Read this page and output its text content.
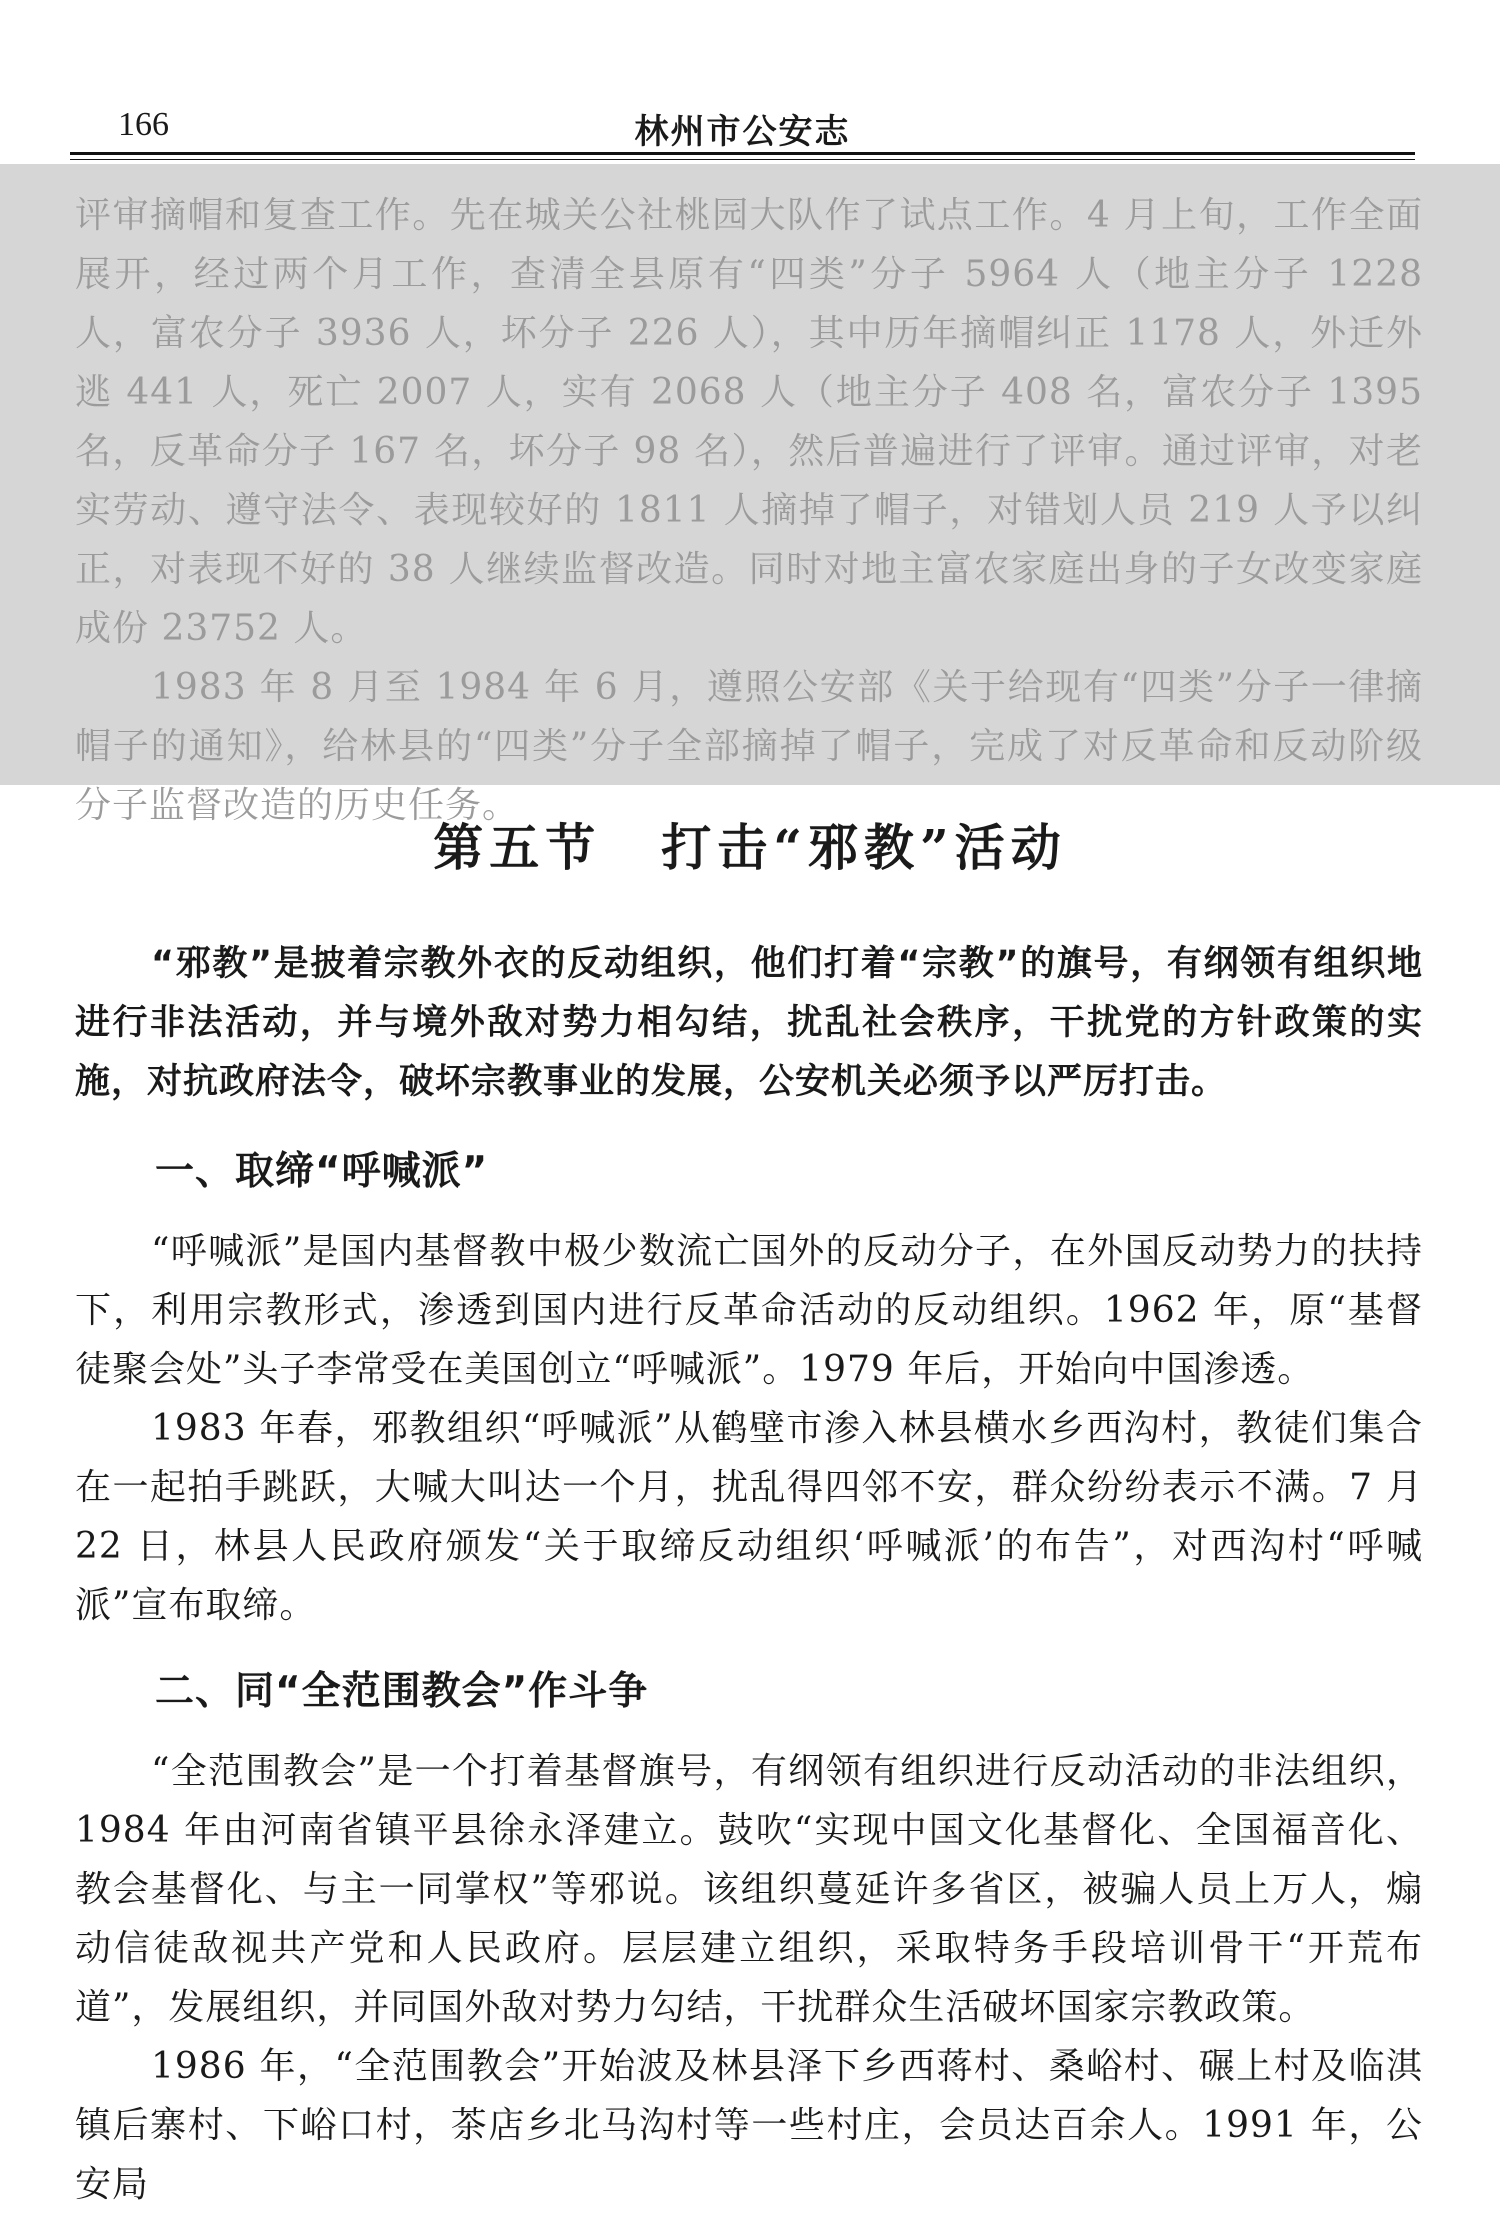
166	林州市公安志

评审摘帽和复查工作。先在城关公社桃园大队作了试点工作。4 月上旬，工作全面展开，经过两个月工作，查清全县原有“四类”分子 5964 人（地主分子 1228 人，富农分子 3936 人，坏分子 226 人），其中历年摘帽纠正 1178 人，外迁外逃 441 人，死亡 2007 人，实有 2068 人（地主分子 408 名，富农分子 1395 名，反革命分子 167 名，坏分子 98 名），然后普遍进行了评审。通过评审，对老实劳动、遵守法令、表现较好的 1811 人摘掉了帽子，对错划人员 219 人予以纠正，对表现不好的 38 人继续监督改造。同时对地主富农家庭出身的子女改变家庭成份 23752 人。

1983 年 8 月至 1984 年 6 月，遵照公安部《关于给现有“四类”分子一律摘帽子的通知》，给林县的“四类”分子全部摘掉了帽子，完成了对反革命和反动阶级分子监督改造的历史任务。

第五节 打击“邪教”活动

“邪教”是披着宗教外衣的反动组织，他们打着“宗教”的旗号，有纲领有组织地进行非法活动，并与境外敌对势力相勾结，扰乱社会秩序，干扰党的方针政策的实施，对抗政府法令，破坏宗教事业的发展，公安机关必须予以严厉打击。

一、取缔“呼喊派”

“呼喊派”是国内基督教中极少数流亡国外的反动分子，在外国反动势力的扶持下，利用宗教形式，渗透到国内进行反革命活动的反动组织。1962 年，原“基督徒聚会处”头子李常受在美国创立“呼喊派”。1979 年后，开始向中国渗透。

1983 年春，邪教组织“呼喊派”从鹤壁市渗入林县横水乡西沟村，教徒们集合在一起拍手跳跃，大喊大叫达一个月，扰乱得四邻不安，群众纷纷表示不满。7 月 22 日，林县人民政府颁发“关于取缔反动组织‘呼喊派’的布告”，对西沟村“呼喊派”宣布取缔。

二、同“全范围教会”作斗争

“全范围教会”是一个打着基督旗号，有纲领有组织进行反动活动的非法组织，1984 年由河南省镇平县徐永泽建立。鼓吹“实现中国文化基督化、全国福音化、教会基督化、与主一同掌权”等邪说。该组织蔓延许多省区，被骗人员上万人，煽动信徒敌视共产党和人民政府。层层建立组织，采取特务手段培训骨干“开荒布道”，发展组织，并同国外敌对势力勾结，干扰群众生活破坏国家宗教政策。

1986 年，“全范围教会”开始波及林县泽下乡西蒋村、桑峪村、碾上村及临淇镇后寨村、下峪口村，茶店乡北马沟村等一些村庄，会员达百余人。1991 年，公安局
